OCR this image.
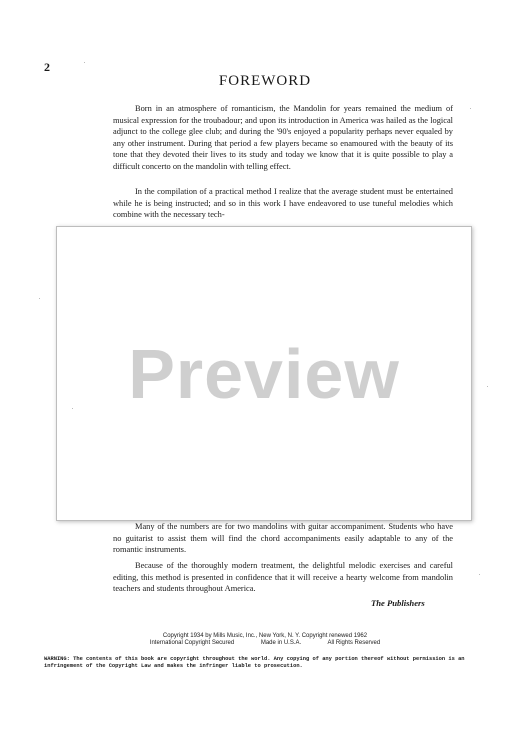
2
FOREWORD

Born in an atmosphere of romanticism, the Mandolin for years remained the medium of musical expression for the troubadour; and upon its introduction in America was hailed as the logical adjunct to the college glee club; and during the '90's enjoyed a popularity perhaps never equaled by any other instrument. During that period a few players became so enamoured with the beauty of its tone that they devoted their lives to its study and today we know that it is quite possible to play a difficult concerto on the mandolin with telling effect.

In the compilation of a practical method I realize that the average student must be entertained while he is being instructed; and so in this work I have endeavored to use tuneful melodies which combine with the necessary tech-

Many of the numbers are for two mandolins with guitar accompaniment. Students who have no guitarist to assist them will find the chord accompaniments easily adaptable to any of the romantic instruments.

Because of the thoroughly modern treatment, the delightful melodic exercises and careful editing, this method is presented in confidence that it will receive a hearty welcome from mandolin teachers and students throughout America.

The Publishers
Copyright 1934 by Mills Music, Inc., New York, N. Y. Copyright renewed 1962
International Copyright Secured                Made in U.S.A.                All Rights Reserved
WARNING: The contents of this book are copyright throughout the world. Any copying of any portion thereof without permission is an infringement of the Copyright Law and makes the infringer liable to prosecution.
Preview
